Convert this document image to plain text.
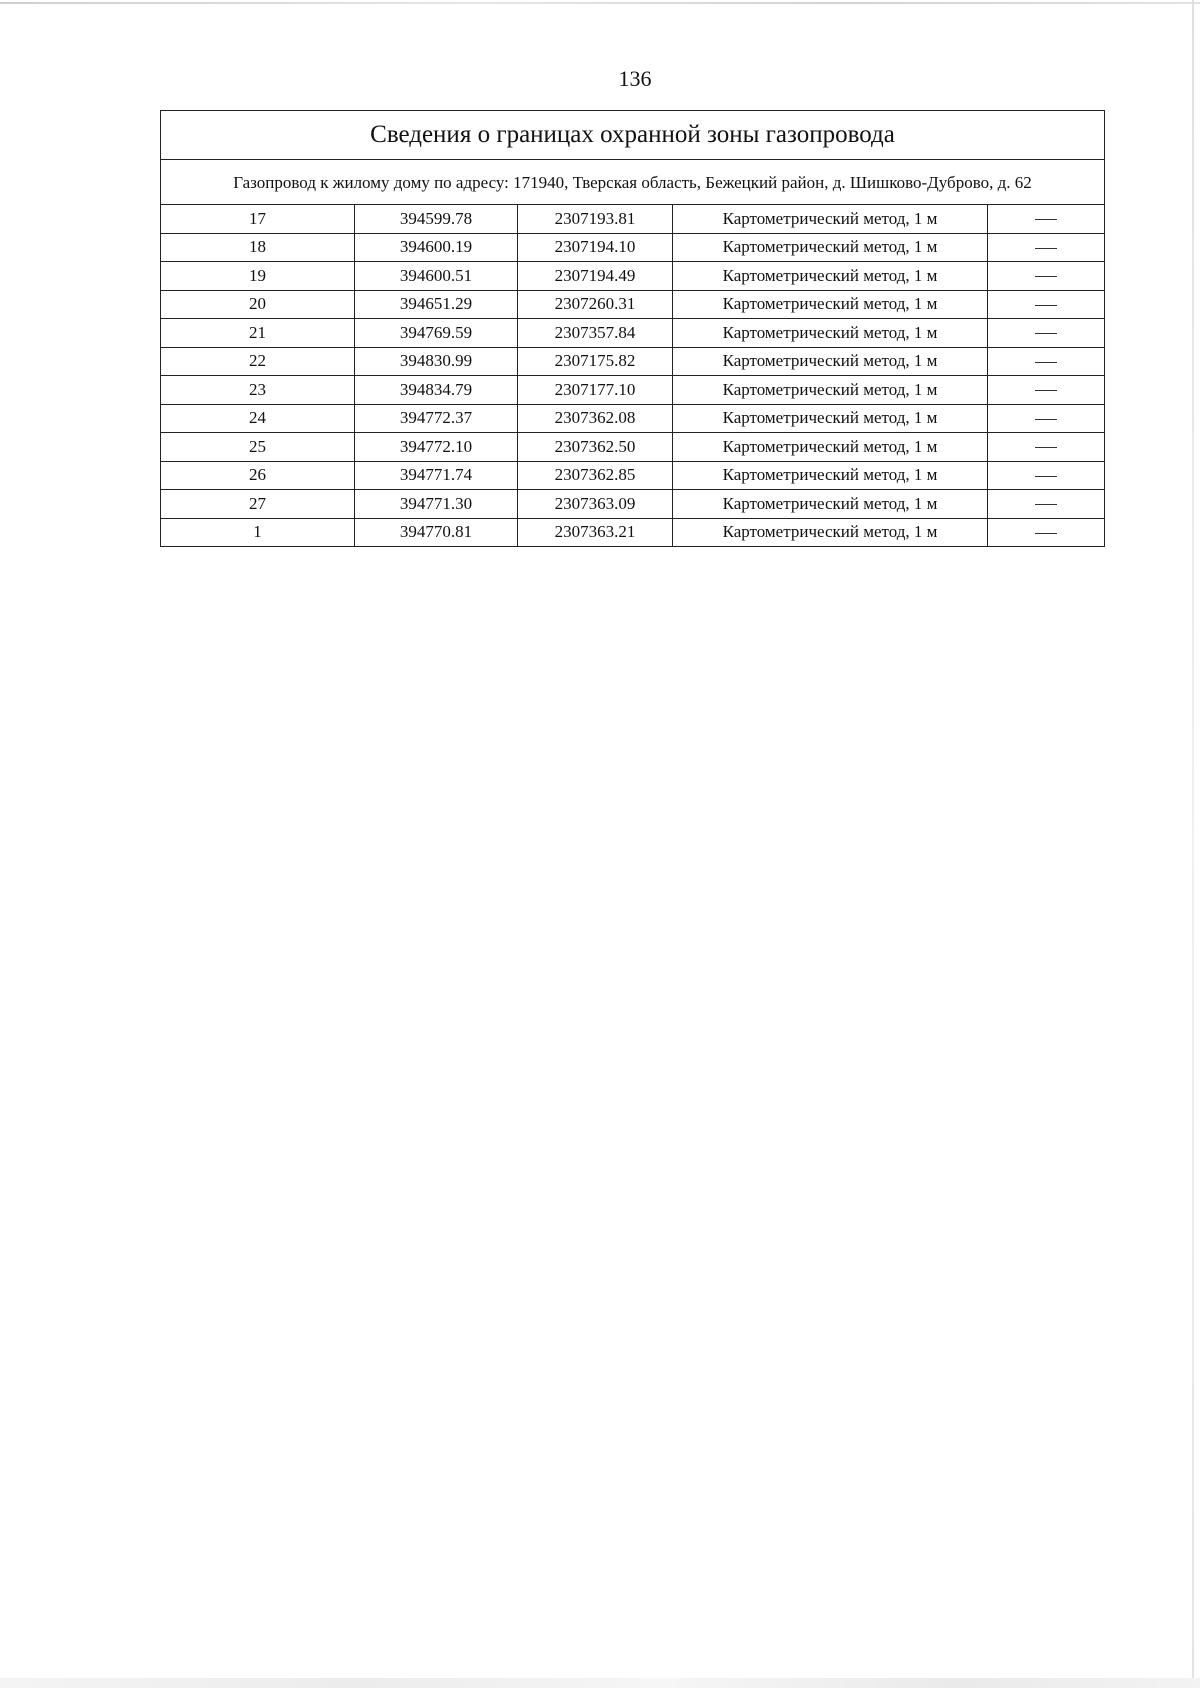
136
Сведения о границах охранной зоны газопровода				
Газопровод к жилому дому по адресу: 171940, Тверская область, Бежецкий район, д. Шишково-Дуброво, д. 62				
17	394599.78	2307193.81	Картометрический метод, 1 м	
18	394600.19	2307194.10	Картометрический метод, 1 м	
19	394600.51	2307194.49	Картометрический метод, 1 м	
20	394651.29	2307260.31	Картометрический метод, 1 м	
21	394769.59	2307357.84	Картометрический метод, 1 м	
22	394830.99	2307175.82	Картометрический метод, 1 м	
23	394834.79	2307177.10	Картометрический метод, 1 м	
24	394772.37	2307362.08	Картометрический метод, 1 м	
25	394772.10	2307362.50	Картометрический метод, 1 м	
26	394771.74	2307362.85	Картометрический метод, 1 м	
27	394771.30	2307363.09	Картометрический метод, 1 м	
1	394770.81	2307363.21	Картометрический метод, 1 м	
